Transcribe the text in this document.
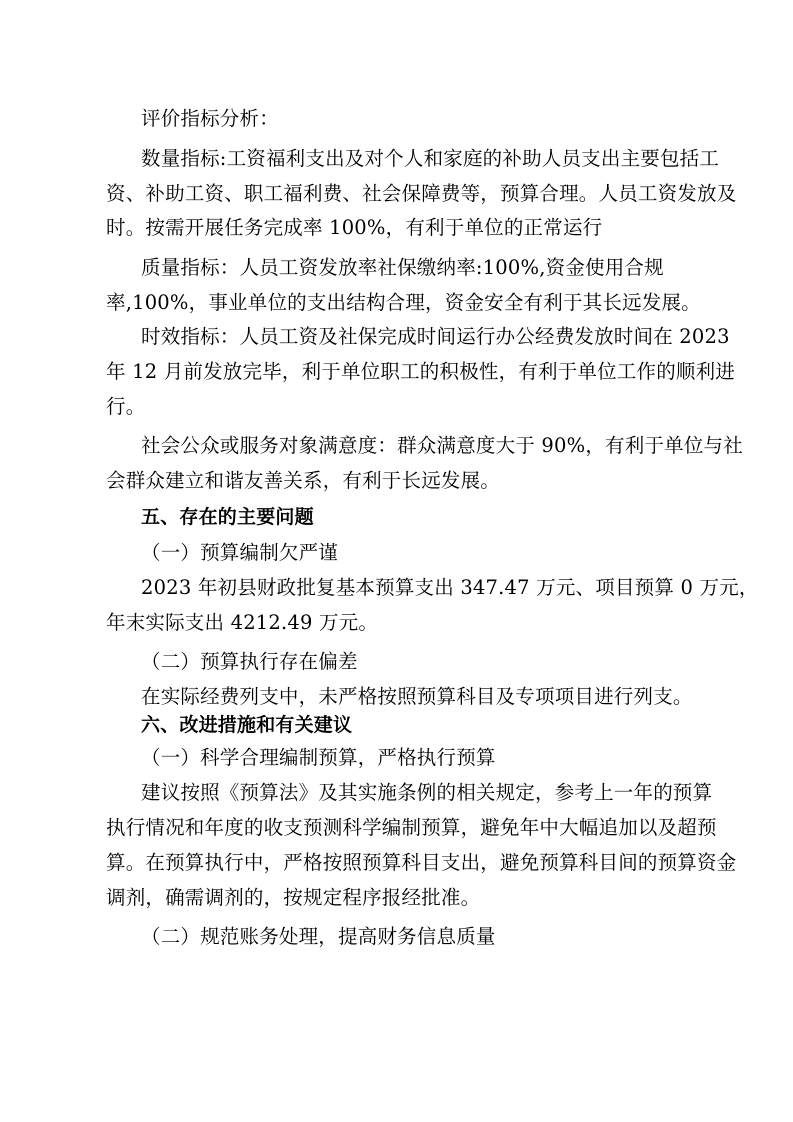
评价指标分析：
数量指标:工资福利支出及对个人和家庭的补助人员支出主要包括工
资、补助工资、职工福利费、社会保障费等，预算合理。人员工资发放及
时。按需开展任务完成率 100%，有利于单位的正常运行
质量指标：人员工资发放率社保缴纳率:100%,资金使用合规
率,100%，事业单位的支出结构合理，资金安全有利于其长远发展。
时效指标：人员工资及社保完成时间运行办公经费发放时间在 2023
年 12 月前发放完毕，利于单位职工的积极性，有利于单位工作的顺利进
行。
社会公众或服务对象满意度：群众满意度大于 90%，有利于单位与社
会群众建立和谐友善关系，有利于长远发展。
五、存在的主要问题
（一）预算编制欠严谨
2023 年初县财政批复基本预算支出 347.47 万元、项目预算 0 万元，
年末实际支出 4212.49 万元。
（二）预算执行存在偏差
在实际经费列支中，未严格按照预算科目及专项项目进行列支。
六、改进措施和有关建议
（一）科学合理编制预算，严格执行预算
建议按照《预算法》及其实施条例的相关规定，参考上一年的预算
执行情况和年度的收支预测科学编制预算，避免年中大幅追加以及超预
算。在预算执行中，严格按照预算科目支出，避免预算科目间的预算资金
调剂，确需调剂的，按规定程序报经批准。
（二）规范账务处理，提高财务信息质量
